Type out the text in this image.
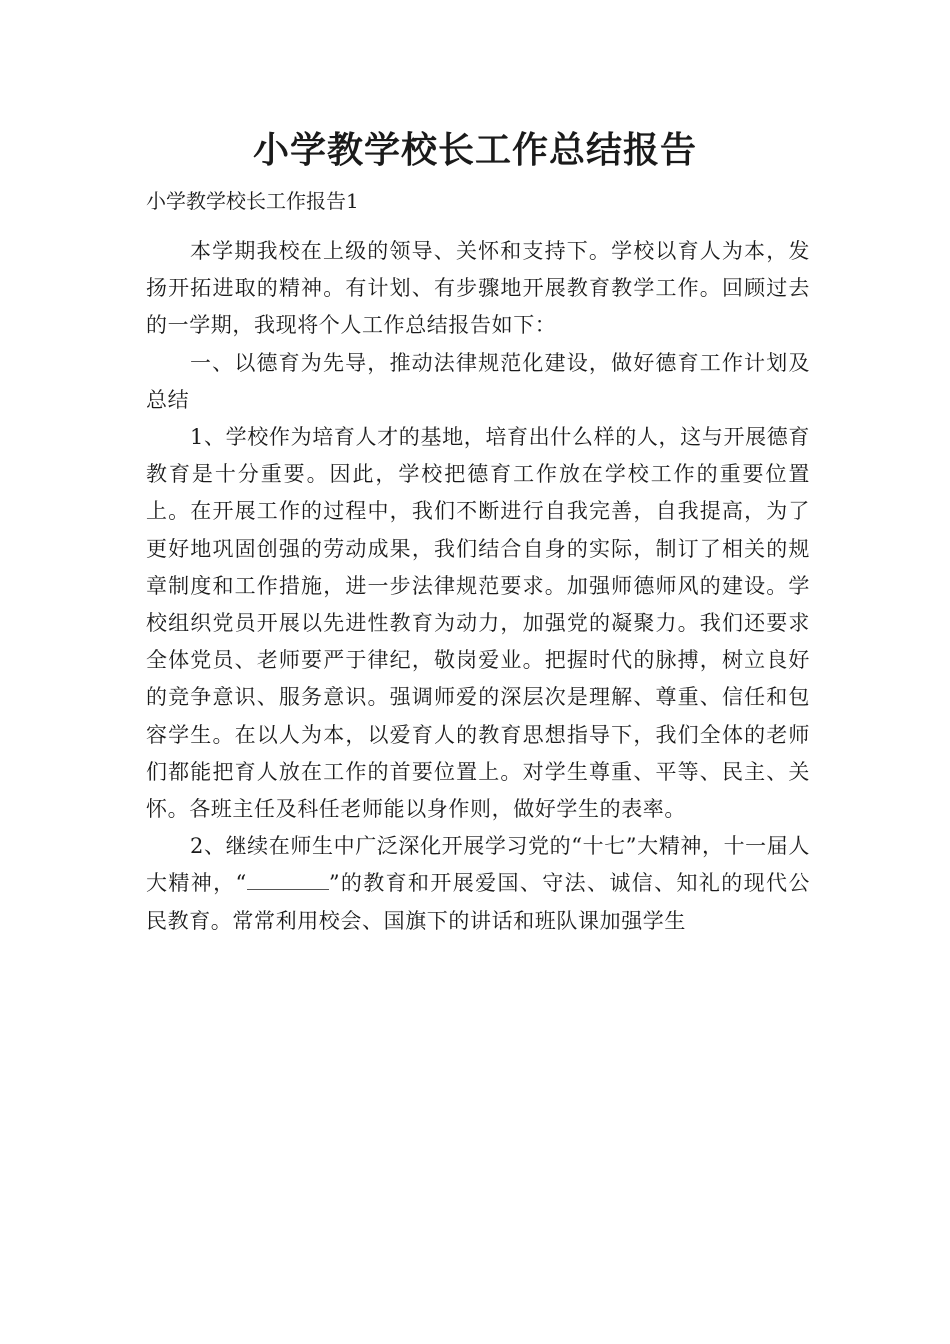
小学教学校长工作总结报告

小学教学校长工作报告1

本学期我校在上级的领导、关怀和支持下。学校以育人为本，发扬开拓进取的精神。有计划、有步骤地开展教育教学工作。回顾过去的一学期，我现将个人工作总结报告如下：

一、以德育为先导，推动法律规范化建设，做好德育工作计划及总结

1、学校作为培育人才的基地，培育出什么样的人，这与开展德育教育是十分重要。因此，学校把德育工作放在学校工作的重要位置上。在开展工作的过程中，我们不断进行自我完善，自我提高，为了更好地巩固创强的劳动成果，我们结合自身的实际，制订了相关的规章制度和工作措施，进一步法律规范要求。加强师德师风的建设。学校组织党员开展以先进性教育为动力，加强党的凝聚力。我们还要求全体党员、老师要严于律纪，敬岗爱业。把握时代的脉搏，树立良好的竞争意识、服务意识。强调师爱的深层次是理解、尊重、信任和包容学生。在以人为本，以爱育人的教育思想指导下，我们全体的老师们都能把育人放在工作的首要位置上。对学生尊重、平等、民主、关怀。各班主任及科任老师能以身作则，做好学生的表率。

2、继续在师生中广泛深化开展学习党的“十七”大精神，十一届人大精神，“	”的教育和开展爱国、守法、诚信、知礼的现代公民教育。常常利用校会、国旗下的讲话和班队课加强学生
